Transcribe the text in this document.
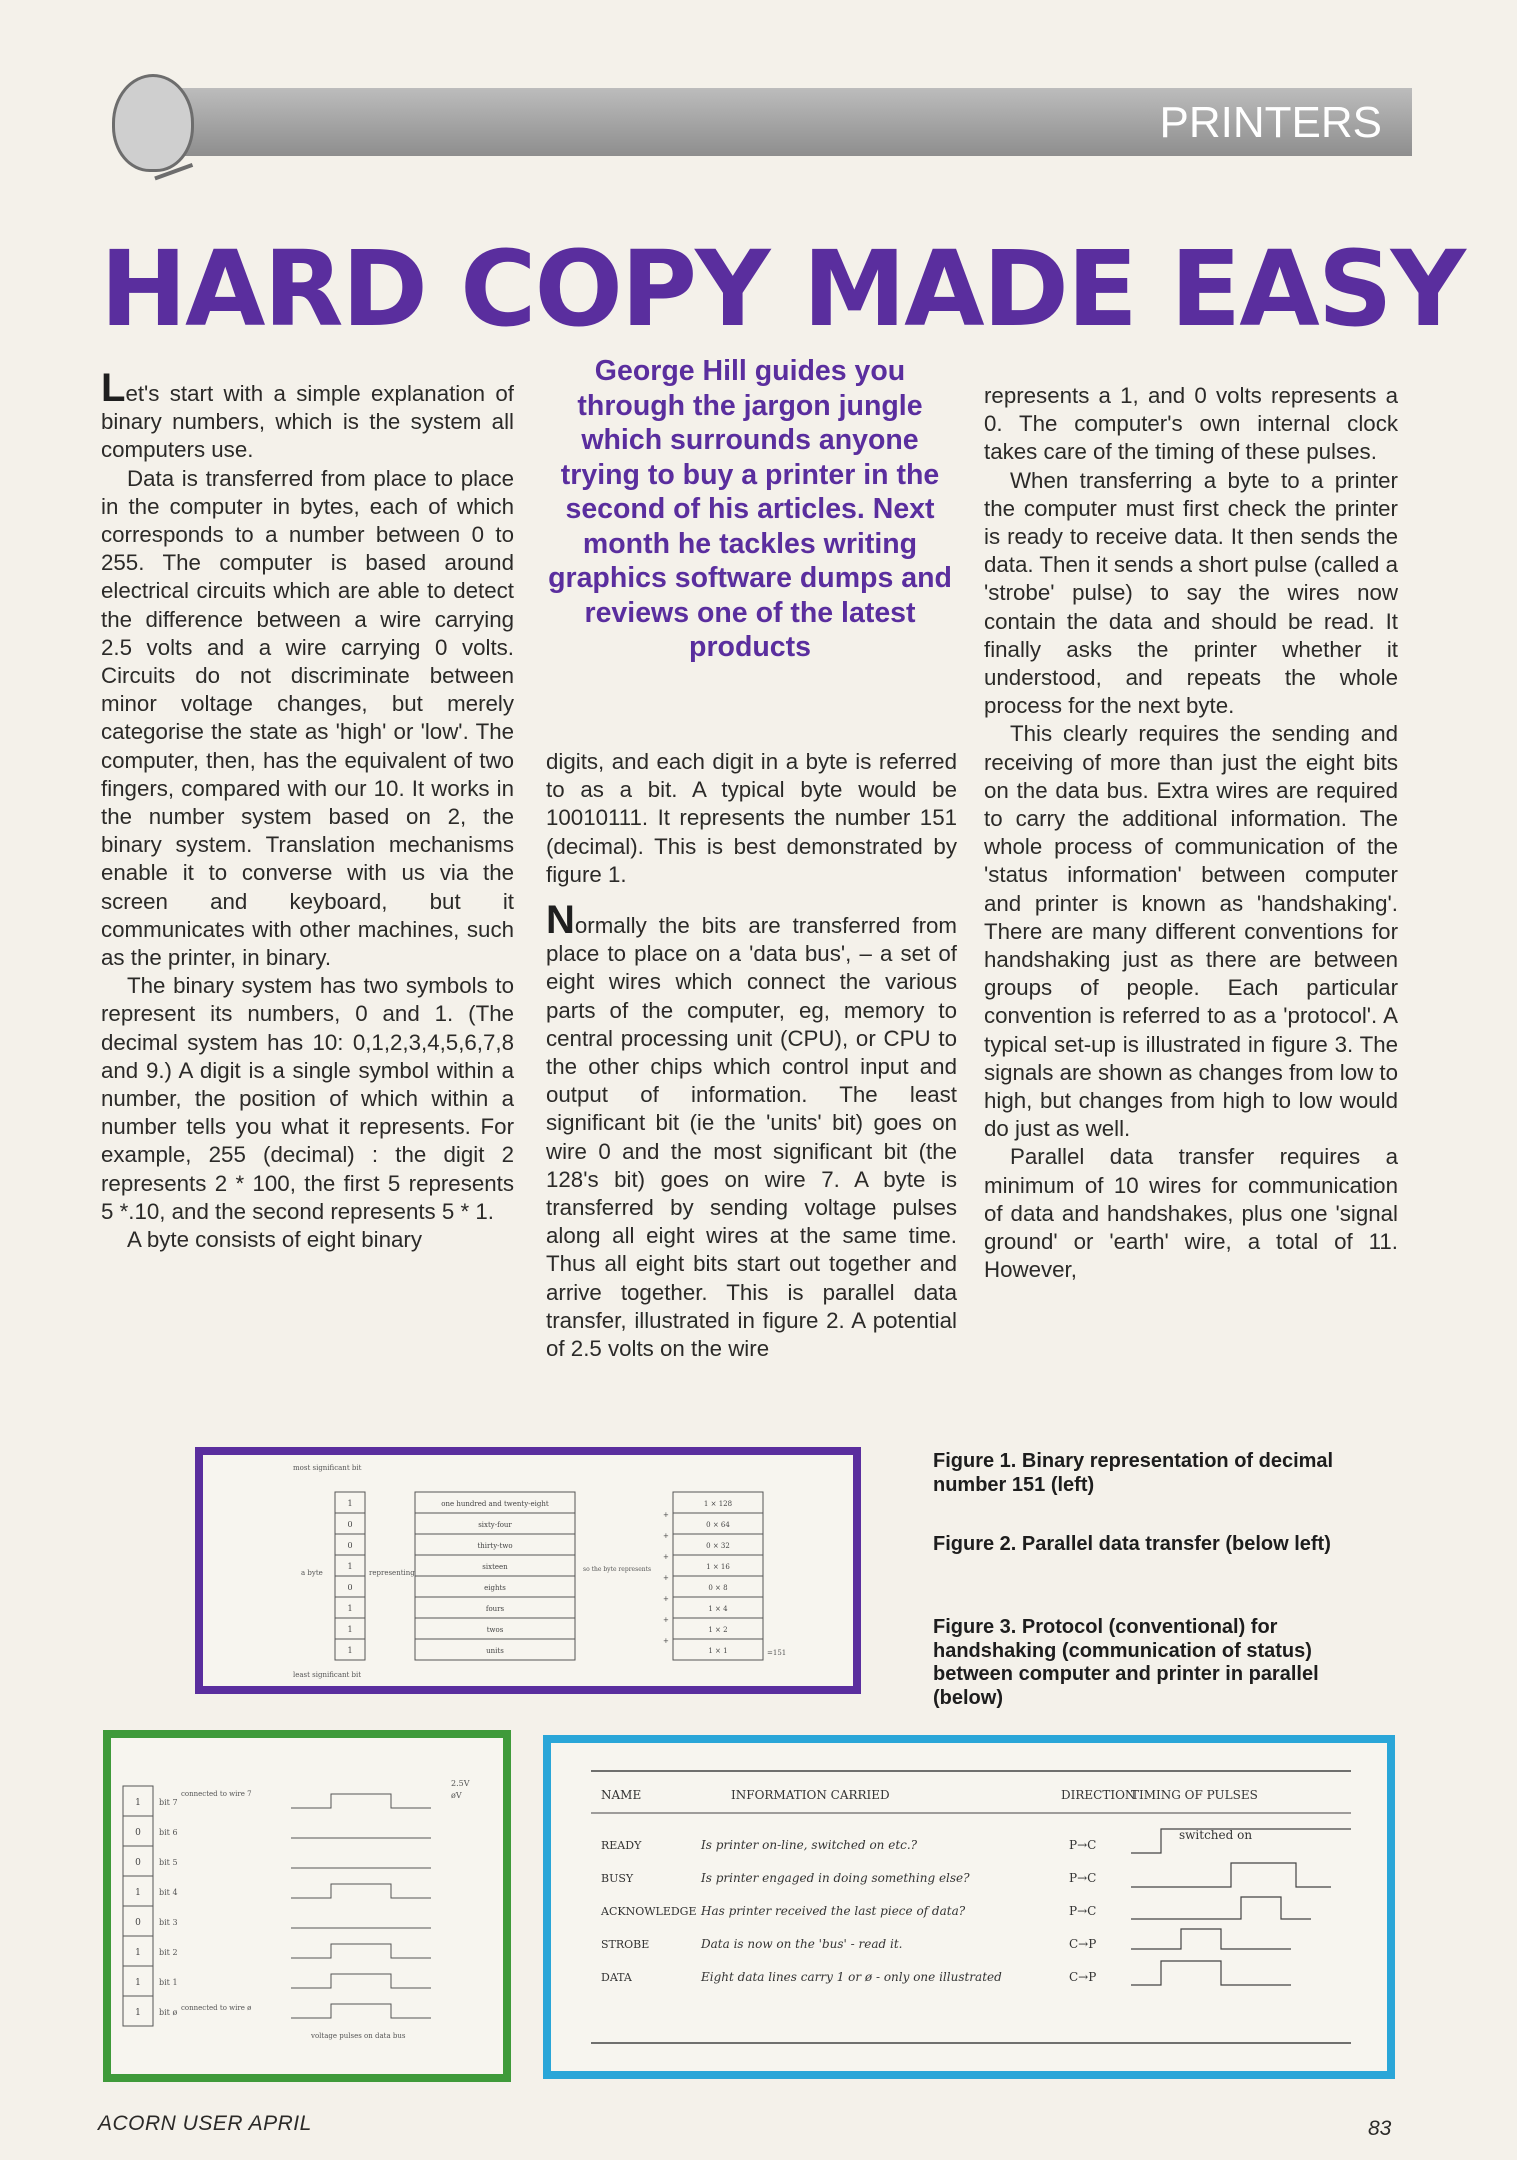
PRINTERS
HARD COPY MADE EASY

Let's start with a simple explanation of binary numbers, which is the system all computers use.

Data is transferred from place to place in the computer in bytes, each of which corresponds to a number between 0 to 255. The computer is based around electrical circuits which are able to detect the difference between a wire carrying 2.5 volts and a wire carrying 0 volts. Circuits do not discriminate between minor voltage changes, but merely categorise the state as 'high' or 'low'. The computer, then, has the equivalent of two fingers, compared with our 10. It works in the number system based on 2, the binary system. Translation mechanisms enable it to converse with us via the screen and keyboard, but it communicates with other machines, such as the printer, in binary.

The binary system has two symbols to represent its numbers, 0 and 1. (The decimal system has 10: 0,1,2,3,4,5,6,7,8 and 9.) A digit is a single symbol within a number, the position of which within a number tells you what it represents. For example, 255 (decimal) : the digit 2 represents 2 * 100, the first 5 represents 5 *.10, and the second represents 5 * 1.

A byte consists of eight binary

George Hill guides you through the jargon jungle which surrounds anyone trying to buy a printer in the second of his articles. Next month he tackles writing graphics software dumps and reviews one of the latest products

digits, and each digit in a byte is referred to as a bit. A typical byte would be 10010111. It represents the number 151 (decimal). This is best demonstrated by figure 1.

Normally the bits are transferred from place to place on a 'data bus', – a set of eight wires which connect the various parts of the computer, eg, memory to central processing unit (CPU), or CPU to the other chips which control input and output of information. The least significant bit (ie the 'units' bit) goes on wire 0 and the most significant bit (the 128's bit) goes on wire 7. A byte is transferred by sending voltage pulses along all eight wires at the same time. Thus all eight bits start out together and arrive together. This is parallel data transfer, illustrated in figure 2. A potential of 2.5 volts on the wire

represents a 1, and 0 volts represents a 0. The computer's own internal clock takes care of the timing of these pulses.

When transferring a byte to a printer the computer must first check the printer is ready to receive data. It then sends the data. Then it sends a short pulse (called a 'strobe' pulse) to say the wires now contain the data and should be read. It finally asks the printer whether it understood, and repeats the whole process for the next byte.

This clearly requires the sending and receiving of more than just the eight bits on the data bus. Extra wires are required to carry the additional information. The whole process of communication of the 'status information' between computer and printer is known as 'handshaking'. There are many different conventions for handshaking just as there are between groups of people. Each particular convention is referred to as a 'protocol'. A typical set-up is illustrated in figure 3. The signals are shown as changes from low to high, but changes from high to low would do just as well.

Parallel data transfer requires a minimum of 10 wires for communication of data and handshakes, plus one 'signal ground' or 'earth' wire, a total of 11. However,

Figure 1. Binary representation of decimal number 151 (left)
Figure 2. Parallel data transfer (below left)
Figure 3. Protocol (conventional) for handshaking (communication of status) between computer and printer in parallel (below)
most significant bit
least significant bit
a byte	representing	so the byte represents
1	one hundred and twenty-eight	1 × 128
0	sixty-four	0 × 64
+
0	thirty-two	0 × 32
+
1	sixteen	1 × 16
+
0	eights	0 × 8
+
1	fours	1 × 4
+
1	twos	1 × 2
+
1	units	1 × 1
+
=151
1 bit 7
0 bit 6
0 bit 5
1 bit 4
0 bit 3
1 bit 2
1 bit 1
1 bit ø
connected to wire 7
connected to wire ø
2.5V
øV
voltage pulses on data bus
NAME	INFORMATION CARRIED	DIRECTION
TIMING OF PULSES
READY	Is printer on-line, switched on etc.?	P→C
BUSY	Is printer engaged in doing something else?	P→C
ACKNOWLEDGE Has printer received the last piece of data?	P→C
STROBE	Data is now on the 'bus' - read it.	C→P
DATA	Eight data lines carry 1 or ø - only one illustrated	C→P
switched on
ACORN USER APRIL	83
